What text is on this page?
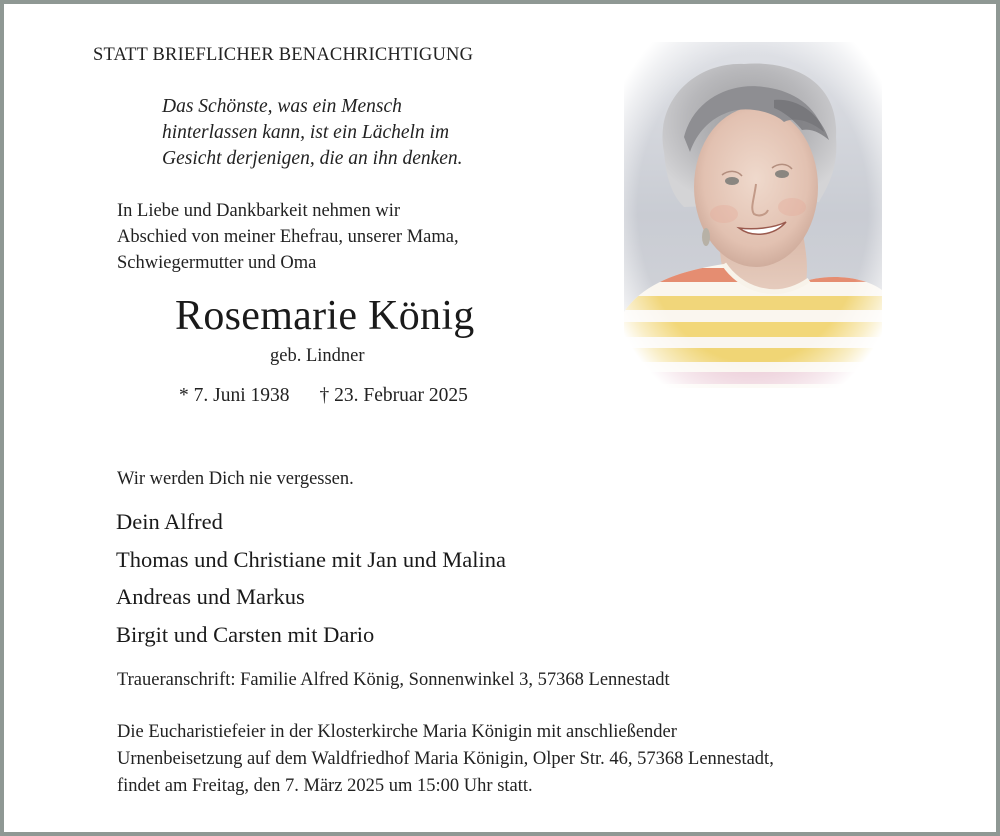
STATT BRIEFLICHER BENACHRICHTIGUNG
Das Schönste, was ein Mensch
hinterlassen kann, ist ein Lächeln im
Gesicht derjenigen, die an ihn denken.
In Liebe und Dankbarkeit nehmen wir
Abschied von meiner Ehefrau, unserer Mama,
Schwiegermutter und Oma
Rosemarie König
geb. Lindner
* 7. Juni 1938 † 23. Februar 2025
Wir werden Dich nie vergessen.
Dein Alfred
Thomas und Christiane mit Jan und Malina
Andreas und Markus
Birgit und Carsten mit Dario
Traueranschrift: Familie Alfred König, Sonnenwinkel 3, 57368 Lennestadt
Die Eucharistiefeier in der Klosterkirche Maria Königin mit anschließender
Urnenbeisetzung auf dem Waldfriedhof Maria Königin, Olper Str. 46, 57368 Lennestadt,
findet am Freitag, den 7. März 2025 um 15:00 Uhr statt.
